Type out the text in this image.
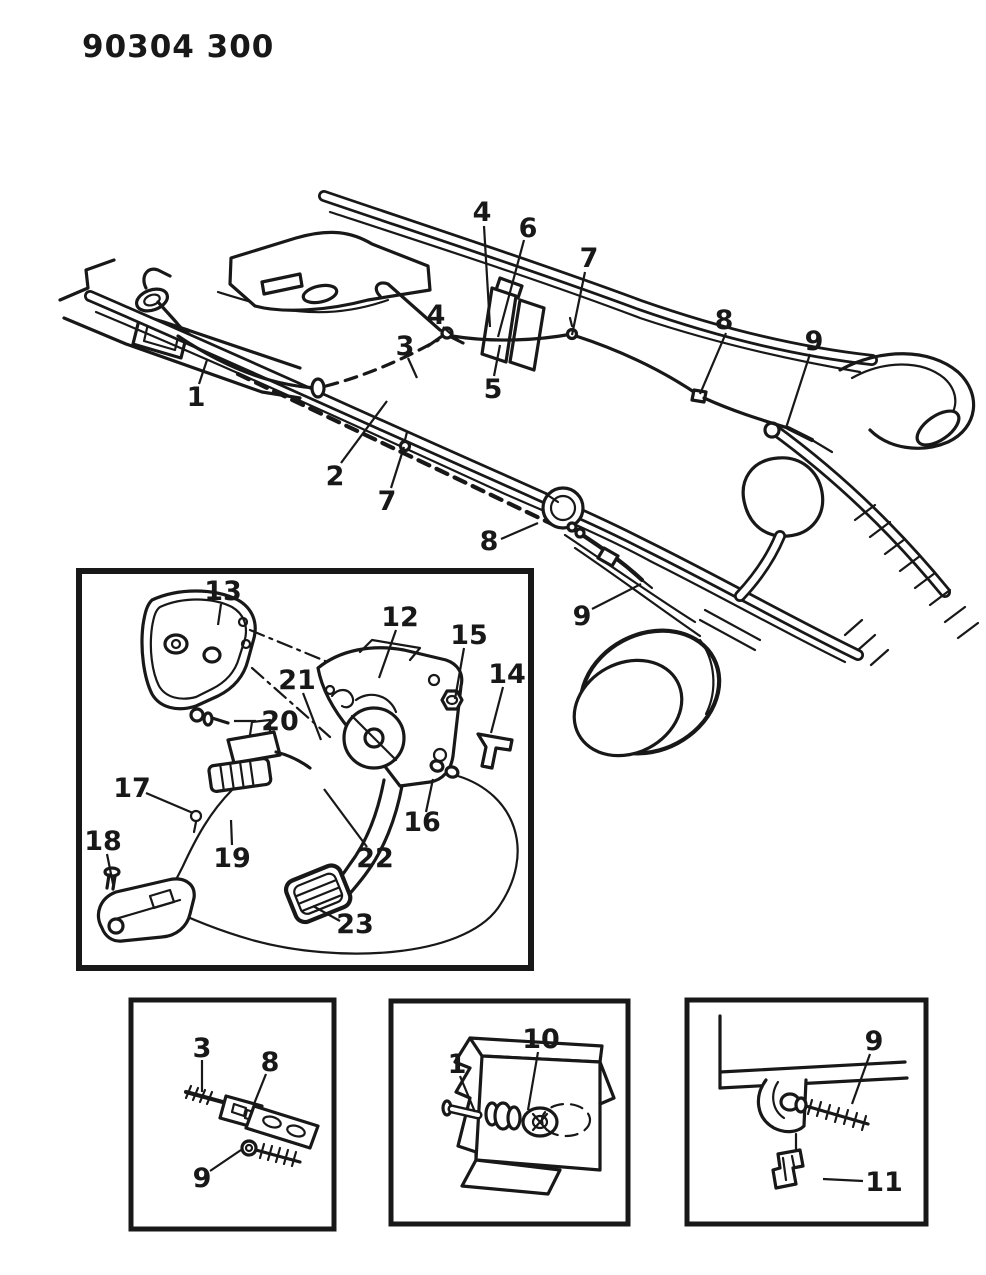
90304 300
1
2
3
4
4
5
6
7
7
8
9
8
9
13
12
15
14
21
20
17
16
18
19	22
23
3 8
9
1
10	9
11
